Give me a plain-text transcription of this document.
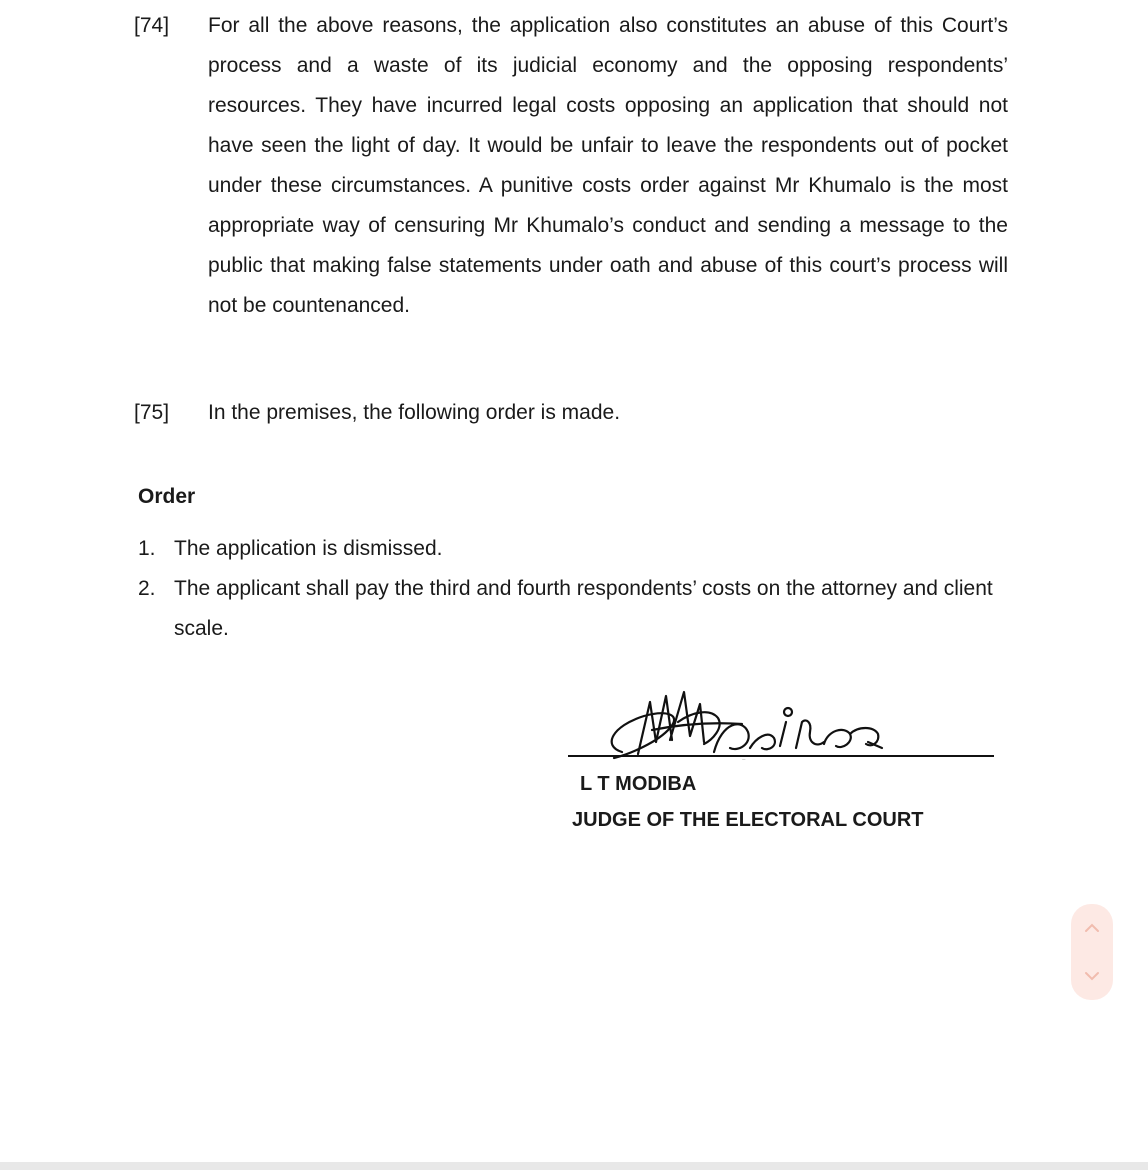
[74] For all the above reasons, the application also constitutes an abuse of this Court’s process and a waste of its judicial economy and the opposing respondents’ resources. They have incurred legal costs opposing an application that should not have seen the light of day. It would be unfair to leave the respondents out of pocket under these circumstances. A punitive costs order against Mr Khumalo is the most appropriate way of censuring Mr Khumalo’s conduct and sending a message to the public that making false statements under oath and abuse of this court’s process will not be countenanced.
[75] In the premises, the following order is made.
Order
1. The application is dismissed.
2. The applicant shall pay the third and fourth respondents’ costs on the attorney and client scale.
Modiba
L T MODIBA
JUDGE OF THE ELECTORAL COURT
